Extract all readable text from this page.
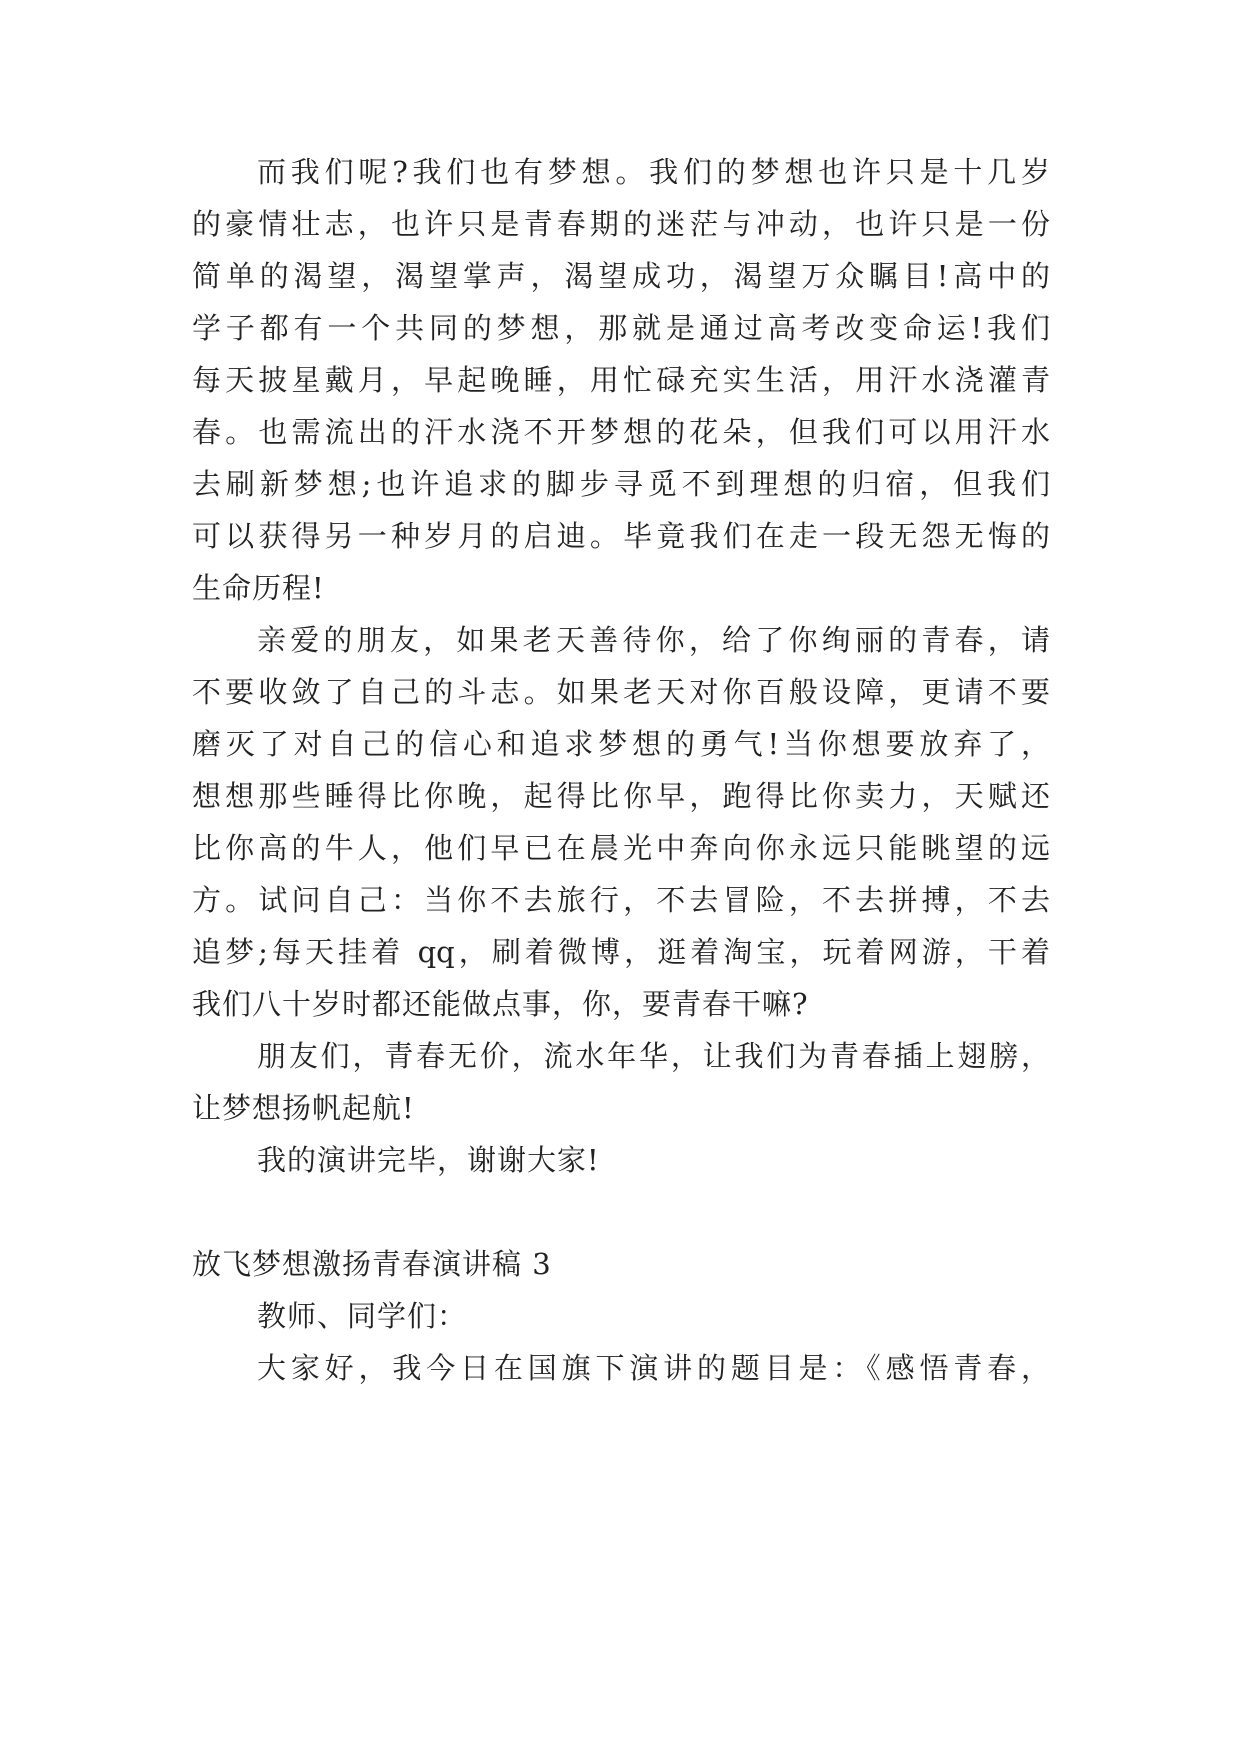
而我们呢?我们也有梦想。我们的梦想也许只是十几岁
的豪情壮志，也许只是青春期的迷茫与冲动，也许只是一份
简单的渴望，渴望掌声，渴望成功，渴望万众瞩目!高中的
学子都有一个共同的梦想，那就是通过高考改变命运!我们
每天披星戴月，早起晚睡，用忙碌充实生活，用汗水浇灌青
春。也需流出的汗水浇不开梦想的花朵，但我们可以用汗水
去刷新梦想;也许追求的脚步寻觅不到理想的归宿，但我们
可以获得另一种岁月的启迪。毕竟我们在走一段无怨无悔的
生命历程!
亲爱的朋友，如果老天善待你，给了你绚丽的青春，请
不要收敛了自己的斗志。如果老天对你百般设障，更请不要
磨灭了对自己的信心和追求梦想的勇气!当你想要放弃了，
想想那些睡得比你晚，起得比你早，跑得比你卖力，天赋还
比你高的牛人，他们早已在晨光中奔向你永远只能眺望的远
方。试问自己：当你不去旅行，不去冒险，不去拼搏，不去
追梦;每天挂着 qq，刷着微博，逛着淘宝，玩着网游，干着
我们八十岁时都还能做点事，你，要青春干嘛?
朋友们，青春无价，流水年华，让我们为青春插上翅膀，
让梦想扬帆起航!
我的演讲完毕，谢谢大家!
放飞梦想激扬青春演讲稿 3
教师、同学们：
大家好，我今日在国旗下演讲的题目是：《感悟青春，
